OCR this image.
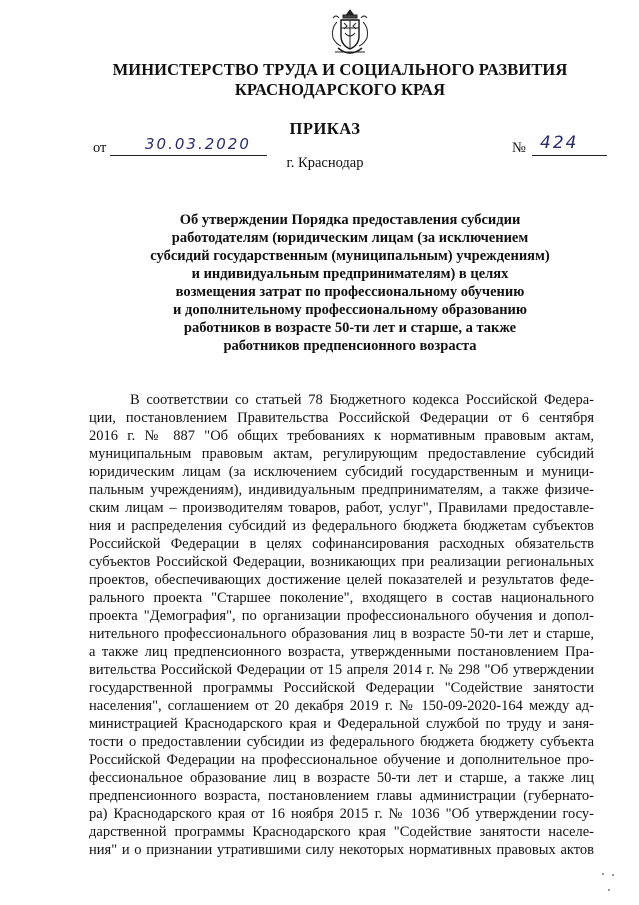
МИНИСТЕРСТВО ТРУДА И СОЦИАЛЬНОГО РАЗВИТИЯ
КРАСНОДАРСКОГО КРАЯ
ПРИКАЗ
от	30.03.2020	№ 424
г. Краснодар
Об утверждении Порядка предоставления субсидии
работодателям (юридическим лицам (за исключением
субсидий государственным (муниципальным) учреждениям)
и индивидуальным предпринимателям) в целях
возмещения затрат по профессиональному обучению
и дополнительному профессиональному образованию
работников в возрасте 50-ти лет и старше, а также
работников предпенсионного возраста
В соответствии со статьей 78 Бюджетного кодекса Российской Федера-
ции, постановлением Правительства Российской Федерации от 6 сентября
2016 г. № 887 "Об общих требованиях к нормативным правовым актам,
муниципальным правовым актам, регулирующим предоставление субсидий
юридическим лицам (за исключением субсидий государственным и муници-
пальным учреждениям), индивидуальным предпринимателям, а также физиче-
ским лицам – производителям товаров, работ, услуг", Правилами предоставле-
ния и распределения субсидий из федерального бюджета бюджетам субъектов
Российской Федерации в целях софинансирования расходных обязательств
субъектов Российской Федерации, возникающих при реализации региональных
проектов, обеспечивающих достижение целей показателей и результатов феде-
рального проекта "Старшее поколение", входящего в состав национального
проекта "Демография", по организации профессионального обучения и допол-
нительного профессионального образования лиц в возрасте 50-ти лет и старше,
а также лиц предпенсионного возраста, утвержденными постановлением Пра-
вительства Российской Федерации от 15 апреля 2014 г. № 298 "Об утверждении
государственной программы Российской Федерации "Содействие занятости
населения", соглашением от 20 декабря 2019 г. № 150-09-2020-164 между ад-
министрацией Краснодарского края и Федеральной службой по труду и заня-
тости о предоставлении субсидии из федерального бюджета бюджету субъекта
Российской Федерации на профессиональное обучение и дополнительное про-
фессиональное образование лиц в возрасте 50-ти лет и старше, а также лиц
предпенсионного возраста, постановлением главы администрации (губернато-
ра) Краснодарского края от 16 ноября 2015 г. № 1036 "Об утверждении госу-
дарственной программы Краснодарского края "Содействие занятости населе-
ния" и о признании утратившими силу некоторых нормативных правовых актов
